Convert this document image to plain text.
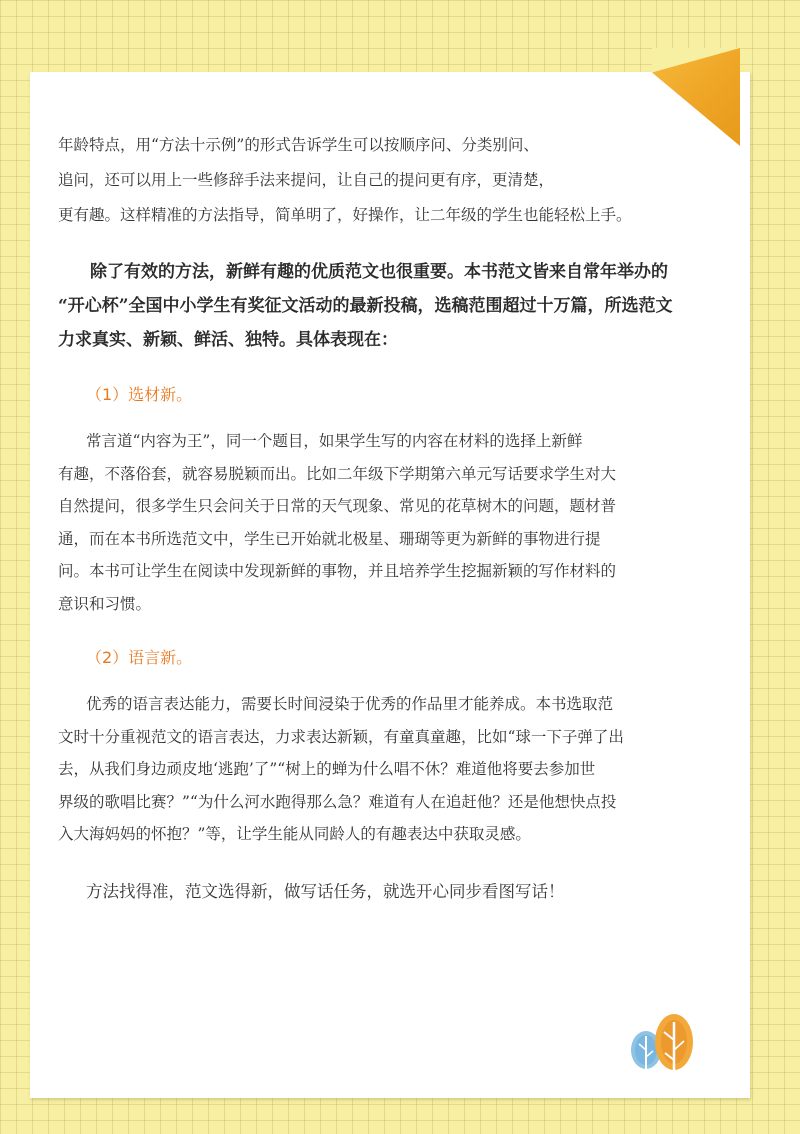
年龄特点，用“方法十示例”的形式告诉学生可以按顺序问、分类别问、

追问，还可以用上一些修辞手法来提问，让自己的提问更有序，更清楚，

更有趣。这样精准的方法指导，简单明了，好操作，让二年级的学生也能轻松上手。

除了有效的方法，新鲜有趣的优质范文也很重要。本书范文皆来自常年举办的

“开心杯”全国中小学生有奖征文活动的最新投稿，选稿范围超过十万篇，所选范文

力求真实、新颖、鲜活、独特。具体表现在：

（1）选材新。

常言道“内容为王”，同一个题目，如果学生写的内容在材料的选择上新鲜

有趣，不落俗套，就容易脱颖而出。比如二年级下学期第六单元写话要求学生对大

自然提问，很多学生只会问关于日常的天气现象、常见的花草树木的问题，题材普

通，而在本书所选范文中，学生已开始就北极星、珊瑚等更为新鲜的事物进行提

问。本书可让学生在阅读中发现新鲜的事物，并且培养学生挖掘新颖的写作材料的

意识和习惯。

（2）语言新。

优秀的语言表达能力，需要长时间浸染于优秀的作品里才能养成。本书选取范

文时十分重视范文的语言表达，力求表达新颖，有童真童趣，比如“球一下子弹了出

去，从我们身边顽皮地‘逃跑’了”“树上的蝉为什么唱不休？难道他将要去参加世

界级的歌唱比赛？”“为什么河水跑得那么急？难道有人在追赶他？还是他想快点投

入大海妈妈的怀抱？”等，让学生能从同龄人的有趣表达中获取灵感。

方法找得准，范文选得新，做写话任务，就选开心同步看图写话！
